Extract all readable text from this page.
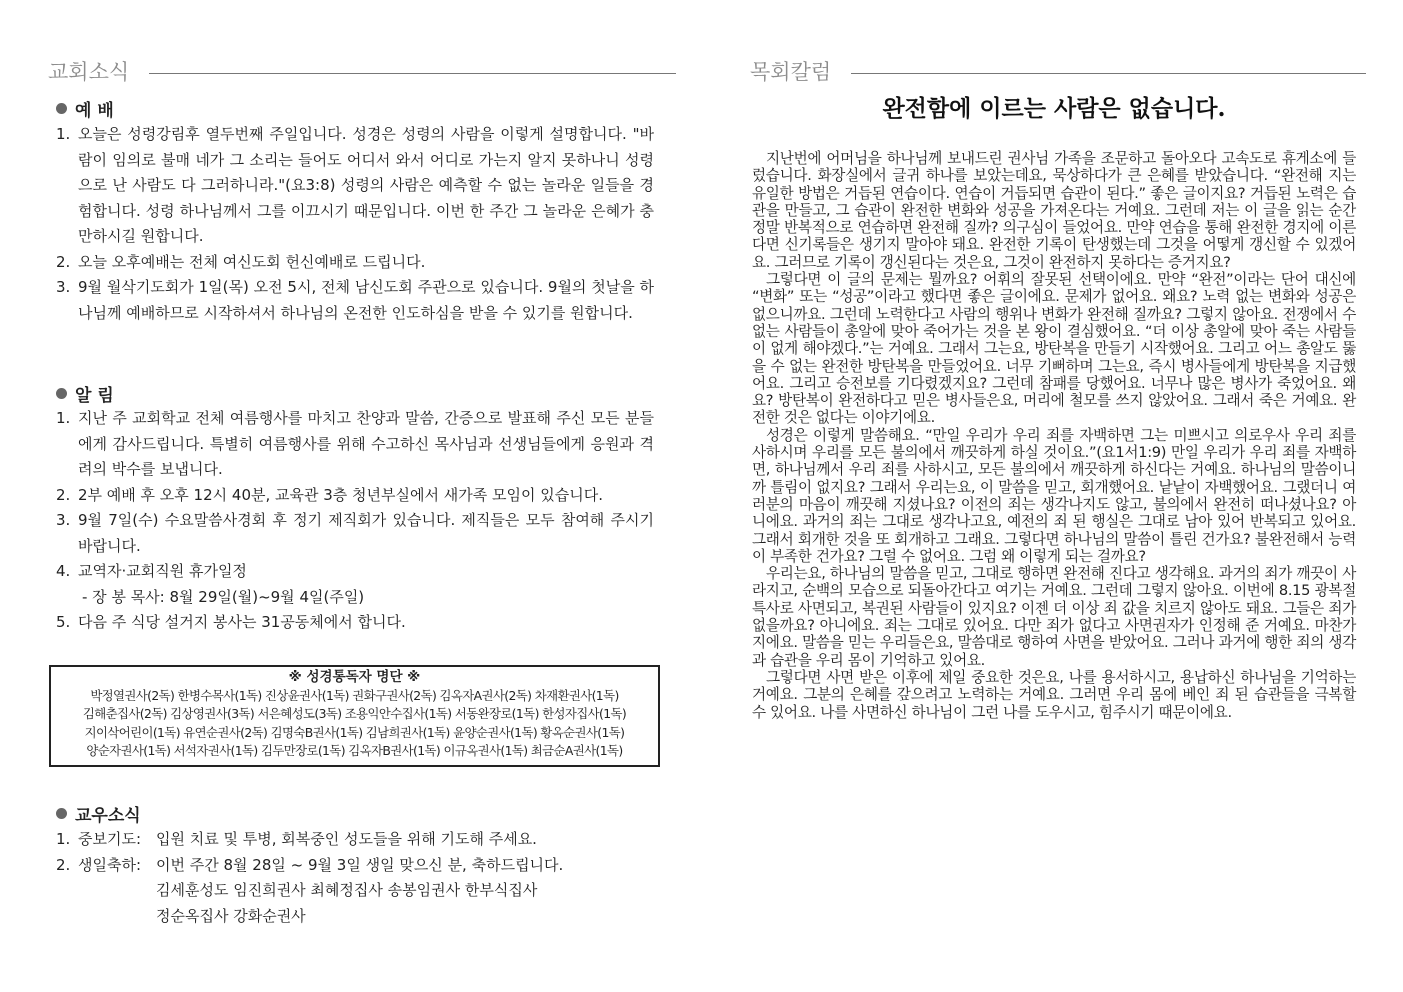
교회소식
예 배
1. 오늘은 성령강림후 열두번째 주일입니다. 성경은 성령의 사람을 이렇게 설명합니다. "바람이 임의로 불매 네가 그 소리는 들어도 어디서 와서 어디로 가는지 알지 못하나니 성령으로 난 사람도 다 그러하니라."(요3:8) 성령의 사람은 예측할 수 없는 놀라운 일들을 경험합니다. 성령 하나님께서 그를 이끄시기 때문입니다. 이번 한 주간 그 놀라운 은혜가 충만하시길 원합니다.
2. 오늘 오후예배는 전체 여신도회 헌신예배로 드립니다.
3. 9월 월삭기도회가 1일(목) 오전 5시, 전체 남신도회 주관으로 있습니다. 9월의 첫날을 하나님께 예배하므로 시작하셔서 하나님의 온전한 인도하심을 받을 수 있기를 원합니다.
알 림
1. 지난 주 교회학교 전체 여름행사를 마치고 찬양과 말씀, 간증으로 발표해 주신 모든 분들에게 감사드립니다. 특별히 여름행사를 위해 수고하신 목사님과 선생님들에게 응원과 격려의 박수를 보냅니다.
2. 2부 예배 후 오후 12시 40분, 교육관 3층 청년부실에서 새가족 모임이 있습니다.
3. 9월 7일(수) 수요말씀사경회 후 정기 제직회가 있습니다. 제직들은 모두 참여해 주시기 바랍니다.
4. 교역자·교회직원 휴가일정
- 장 봉 목사: 8월 29일(월)~9월 4일(주일)
5. 다음 주 식당 설거지 봉사는 31공동체에서 합니다.
※ 성경통독자 명단 ※
박정열권사(2독) 한병수목사(1독) 진상윤권사(1독) 권화구권사(2독) 김옥자A권사(2독) 차재환권사(1독)
김해춘집사(2독) 김상영권사(3독) 서은혜성도(3독) 조용익안수집사(1독) 서동완장로(1독) 한성자집사(1독)
지이삭어린이(1독) 유연순권사(2독) 김명숙B권사(1독) 김남희권사(1독) 윤양순권사(1독) 황옥순권사(1독)
양순자권사(1독) 서석자권사(1독) 김두만장로(1독) 김옥자B권사(1독) 이규옥권사(1독) 최금순A권사(1독)
교우소식
1. 중보기도: 입원 치료 및 투병, 회복중인 성도들을 위해 기도해 주세요.
2. 생일축하: 이번 주간 8월 28일 ~ 9월 3일 생일 맞으신 분, 축하드립니다.
김세훈성도 임진희권사 최혜정집사 송봉임권사 한부식집사
정순옥집사 강화순권사
목회칼럼
완전함에 이르는 사람은 없습니다.

지난번에 어머님을 하나님께 보내드린 권사님 가족을 조문하고 돌아오다 고속도로 휴게소에 들렀습니다. 화장실에서 글귀 하나를 보았는데요, 묵상하다가 큰 은혜를 받았습니다. “완전해 지는 유일한 방법은 거듭된 연습이다. 연습이 거듭되면 습관이 된다.” 좋은 글이지요? 거듭된 노력은 습관을 만들고, 그 습관이 완전한 변화와 성공을 가져온다는 거예요. 그런데 저는 이 글을 읽는 순간 정말 반복적으로 연습하면 완전해 질까? 의구심이 들었어요. 만약 연습을 통해 완전한 경지에 이른다면 신기록들은 생기지 말아야 돼요. 완전한 기록이 탄생했는데 그것을 어떻게 갱신할 수 있겠어요. 그러므로 기록이 갱신된다는 것은요, 그것이 완전하지 못하다는 증거지요?

그렇다면 이 글의 문제는 뭘까요? 어휘의 잘못된 선택이에요. 만약 “완전”이라는 단어 대신에 “변화” 또는 “성공”이라고 했다면 좋은 글이에요. 문제가 없어요. 왜요? 노력 없는 변화와 성공은 없으니까요. 그런데 노력한다고 사람의 행위나 변화가 완전해 질까요? 그렇지 않아요. 전쟁에서 수없는 사람들이 총알에 맞아 죽어가는 것을 본 왕이 결심했어요. “더 이상 총알에 맞아 죽는 사람들이 없게 해야겠다.”는 거예요. 그래서 그는요, 방탄복을 만들기 시작했어요. 그리고 어느 총알도 뚫을 수 없는 완전한 방탄복을 만들었어요. 너무 기뻐하며 그는요, 즉시 병사들에게 방탄복을 지급했어요. 그리고 승전보를 기다렸겠지요? 그런데 참패를 당했어요. 너무나 많은 병사가 죽었어요. 왜요? 방탄복이 완전하다고 믿은 병사들은요, 머리에 철모를 쓰지 않았어요. 그래서 죽은 거예요. 완전한 것은 없다는 이야기에요.

성경은 이렇게 말씀해요. “만일 우리가 우리 죄를 자백하면 그는 미쁘시고 의로우사 우리 죄를 사하시며 우리를 모든 불의에서 깨끗하게 하실 것이요.”(요1서1:9) 만일 우리가 우리 죄를 자백하면, 하나님께서 우리 죄를 사하시고, 모든 불의에서 깨끗하게 하신다는 거예요. 하나님의 말씀이니까 틀림이 없지요? 그래서 우리는요, 이 말씀을 믿고, 회개했어요. 낱낱이 자백했어요. 그랬더니 여러분의 마음이 깨끗해 지셨나요? 이전의 죄는 생각나지도 않고, 불의에서 완전히 떠나셨나요? 아니에요. 과거의 죄는 그대로 생각나고요, 예전의 죄 된 행실은 그대로 남아 있어 반복되고 있어요. 그래서 회개한 것을 또 회개하고 그래요. 그렇다면 하나님의 말씀이 틀린 건가요? 불완전해서 능력이 부족한 건가요? 그럴 수 없어요. 그럼 왜 이렇게 되는 걸까요?

우리는요, 하나님의 말씀을 믿고, 그대로 행하면 완전해 진다고 생각해요. 과거의 죄가 깨끗이 사라지고, 순백의 모습으로 되돌아간다고 여기는 거예요. 그런데 그렇지 않아요. 이번에 8.15 광복절 특사로 사면되고, 복권된 사람들이 있지요? 이젠 더 이상 죄 값을 치르지 않아도 돼요. 그들은 죄가 없을까요? 아니에요. 죄는 그대로 있어요. 다만 죄가 없다고 사면권자가 인정해 준 거예요. 마찬가지에요. 말씀을 믿는 우리들은요, 말씀대로 행하여 사면을 받았어요. 그러나 과거에 행한 죄의 생각과 습관을 우리 몸이 기억하고 있어요.

그렇다면 사면 받은 이후에 제일 중요한 것은요, 나를 용서하시고, 용납하신 하나님을 기억하는 거예요. 그분의 은혜를 갚으려고 노력하는 거예요. 그러면 우리 몸에 베인 죄 된 습관들을 극복할 수 있어요. 나를 사면하신 하나님이 그런 나를 도우시고, 힘주시기 때문이에요.
